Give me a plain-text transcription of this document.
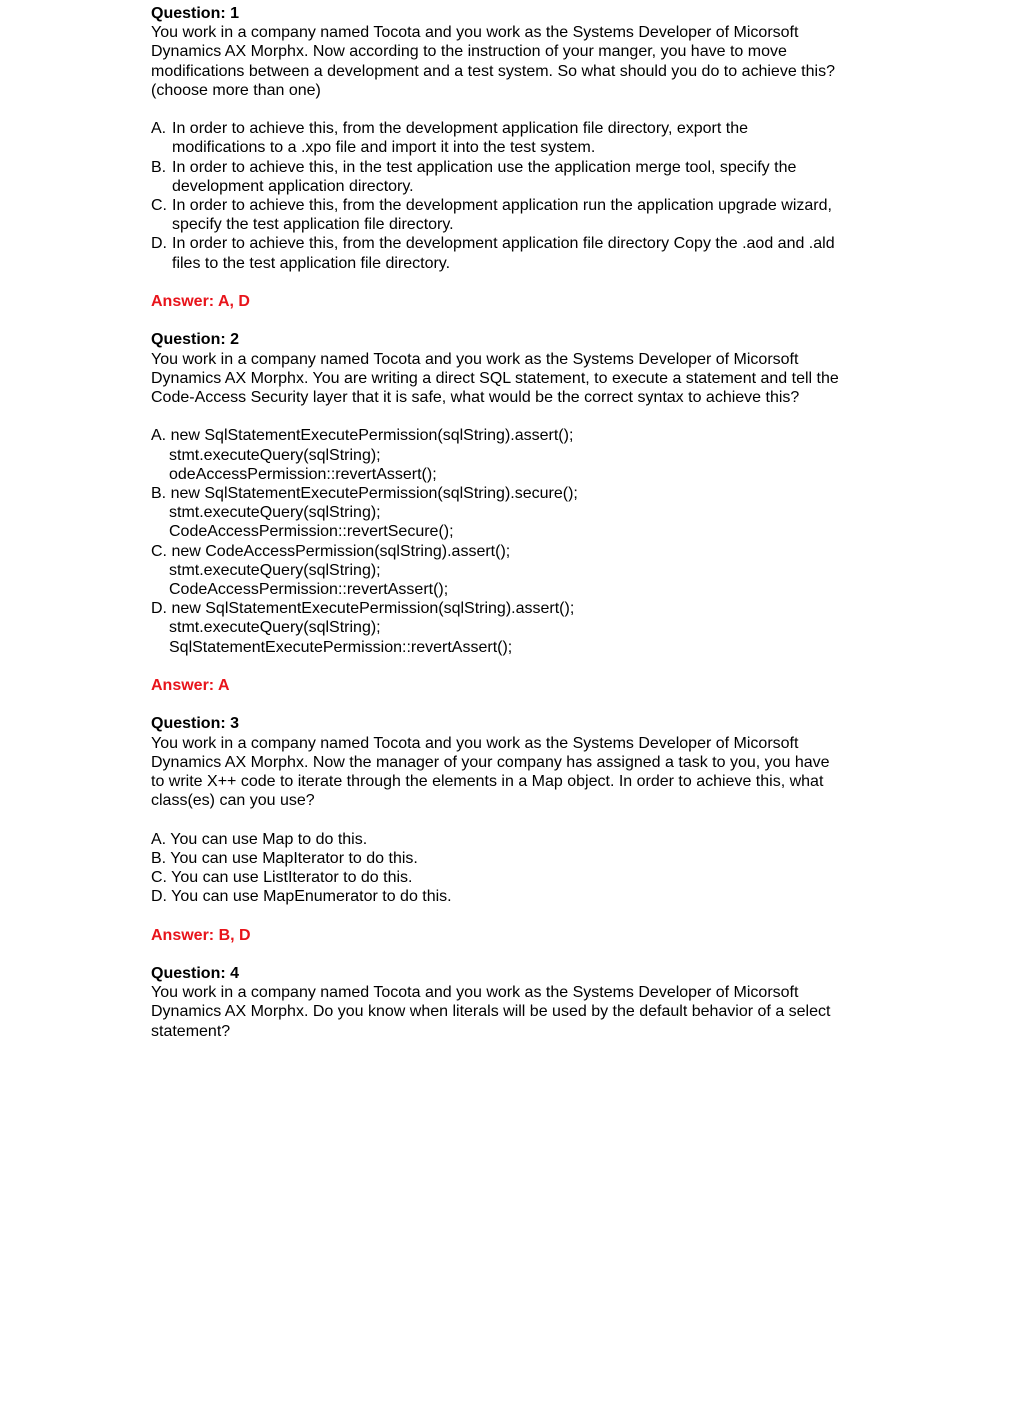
Question: 1
You work in a company named Tocota and you work as the Systems Developer of Micorsoft
Dynamics AX Morphx. Now according to the instruction of your manger, you have to move
modifications between a development and a test system. So what should you do to achieve this?
(choose more than one)
A. In order to achieve this, from the development application file directory, export the
modifications to a .xpo file and import it into the test system.
B. In order to achieve this, in the test application use the application merge tool, specify the
development application directory.
C. In order to achieve this, from the development application run the application upgrade wizard,
specify the test application file directory.
D. In order to achieve this, from the development application file directory Copy the .aod and .ald
files to the test application file directory.
Answer: A, D
Question: 2
You work in a company named Tocota and you work as the Systems Developer of Micorsoft
Dynamics AX Morphx. You are writing a direct SQL statement, to execute a statement and tell the
Code-Access Security layer that it is safe, what would be the correct syntax to achieve this?
A. new SqlStatementExecutePermission(sqlString).assert();
stmt.executeQuery(sqlString);
odeAccessPermission::revertAssert();
B. new SqlStatementExecutePermission(sqlString).secure();
stmt.executeQuery(sqlString);
CodeAccessPermission::revertSecure();
C. new CodeAccessPermission(sqlString).assert();
stmt.executeQuery(sqlString);
CodeAccessPermission::revertAssert();
D. new SqlStatementExecutePermission(sqlString).assert();
stmt.executeQuery(sqlString);
SqlStatementExecutePermission::revertAssert();
Answer: A
Question: 3
You work in a company named Tocota and you work as the Systems Developer of Micorsoft
Dynamics AX Morphx. Now the manager of your company has assigned a task to you, you have
to write X++ code to iterate through the elements in a Map object. In order to achieve this, what
class(es) can you use?
A. You can use Map to do this.
B. You can use MapIterator to do this.
C. You can use ListIterator to do this.
D. You can use MapEnumerator to do this.
Answer: B, D
Question: 4
You work in a company named Tocota and you work as the Systems Developer of Micorsoft
Dynamics AX Morphx. Do you know when literals will be used by the default behavior of a select
statement?
